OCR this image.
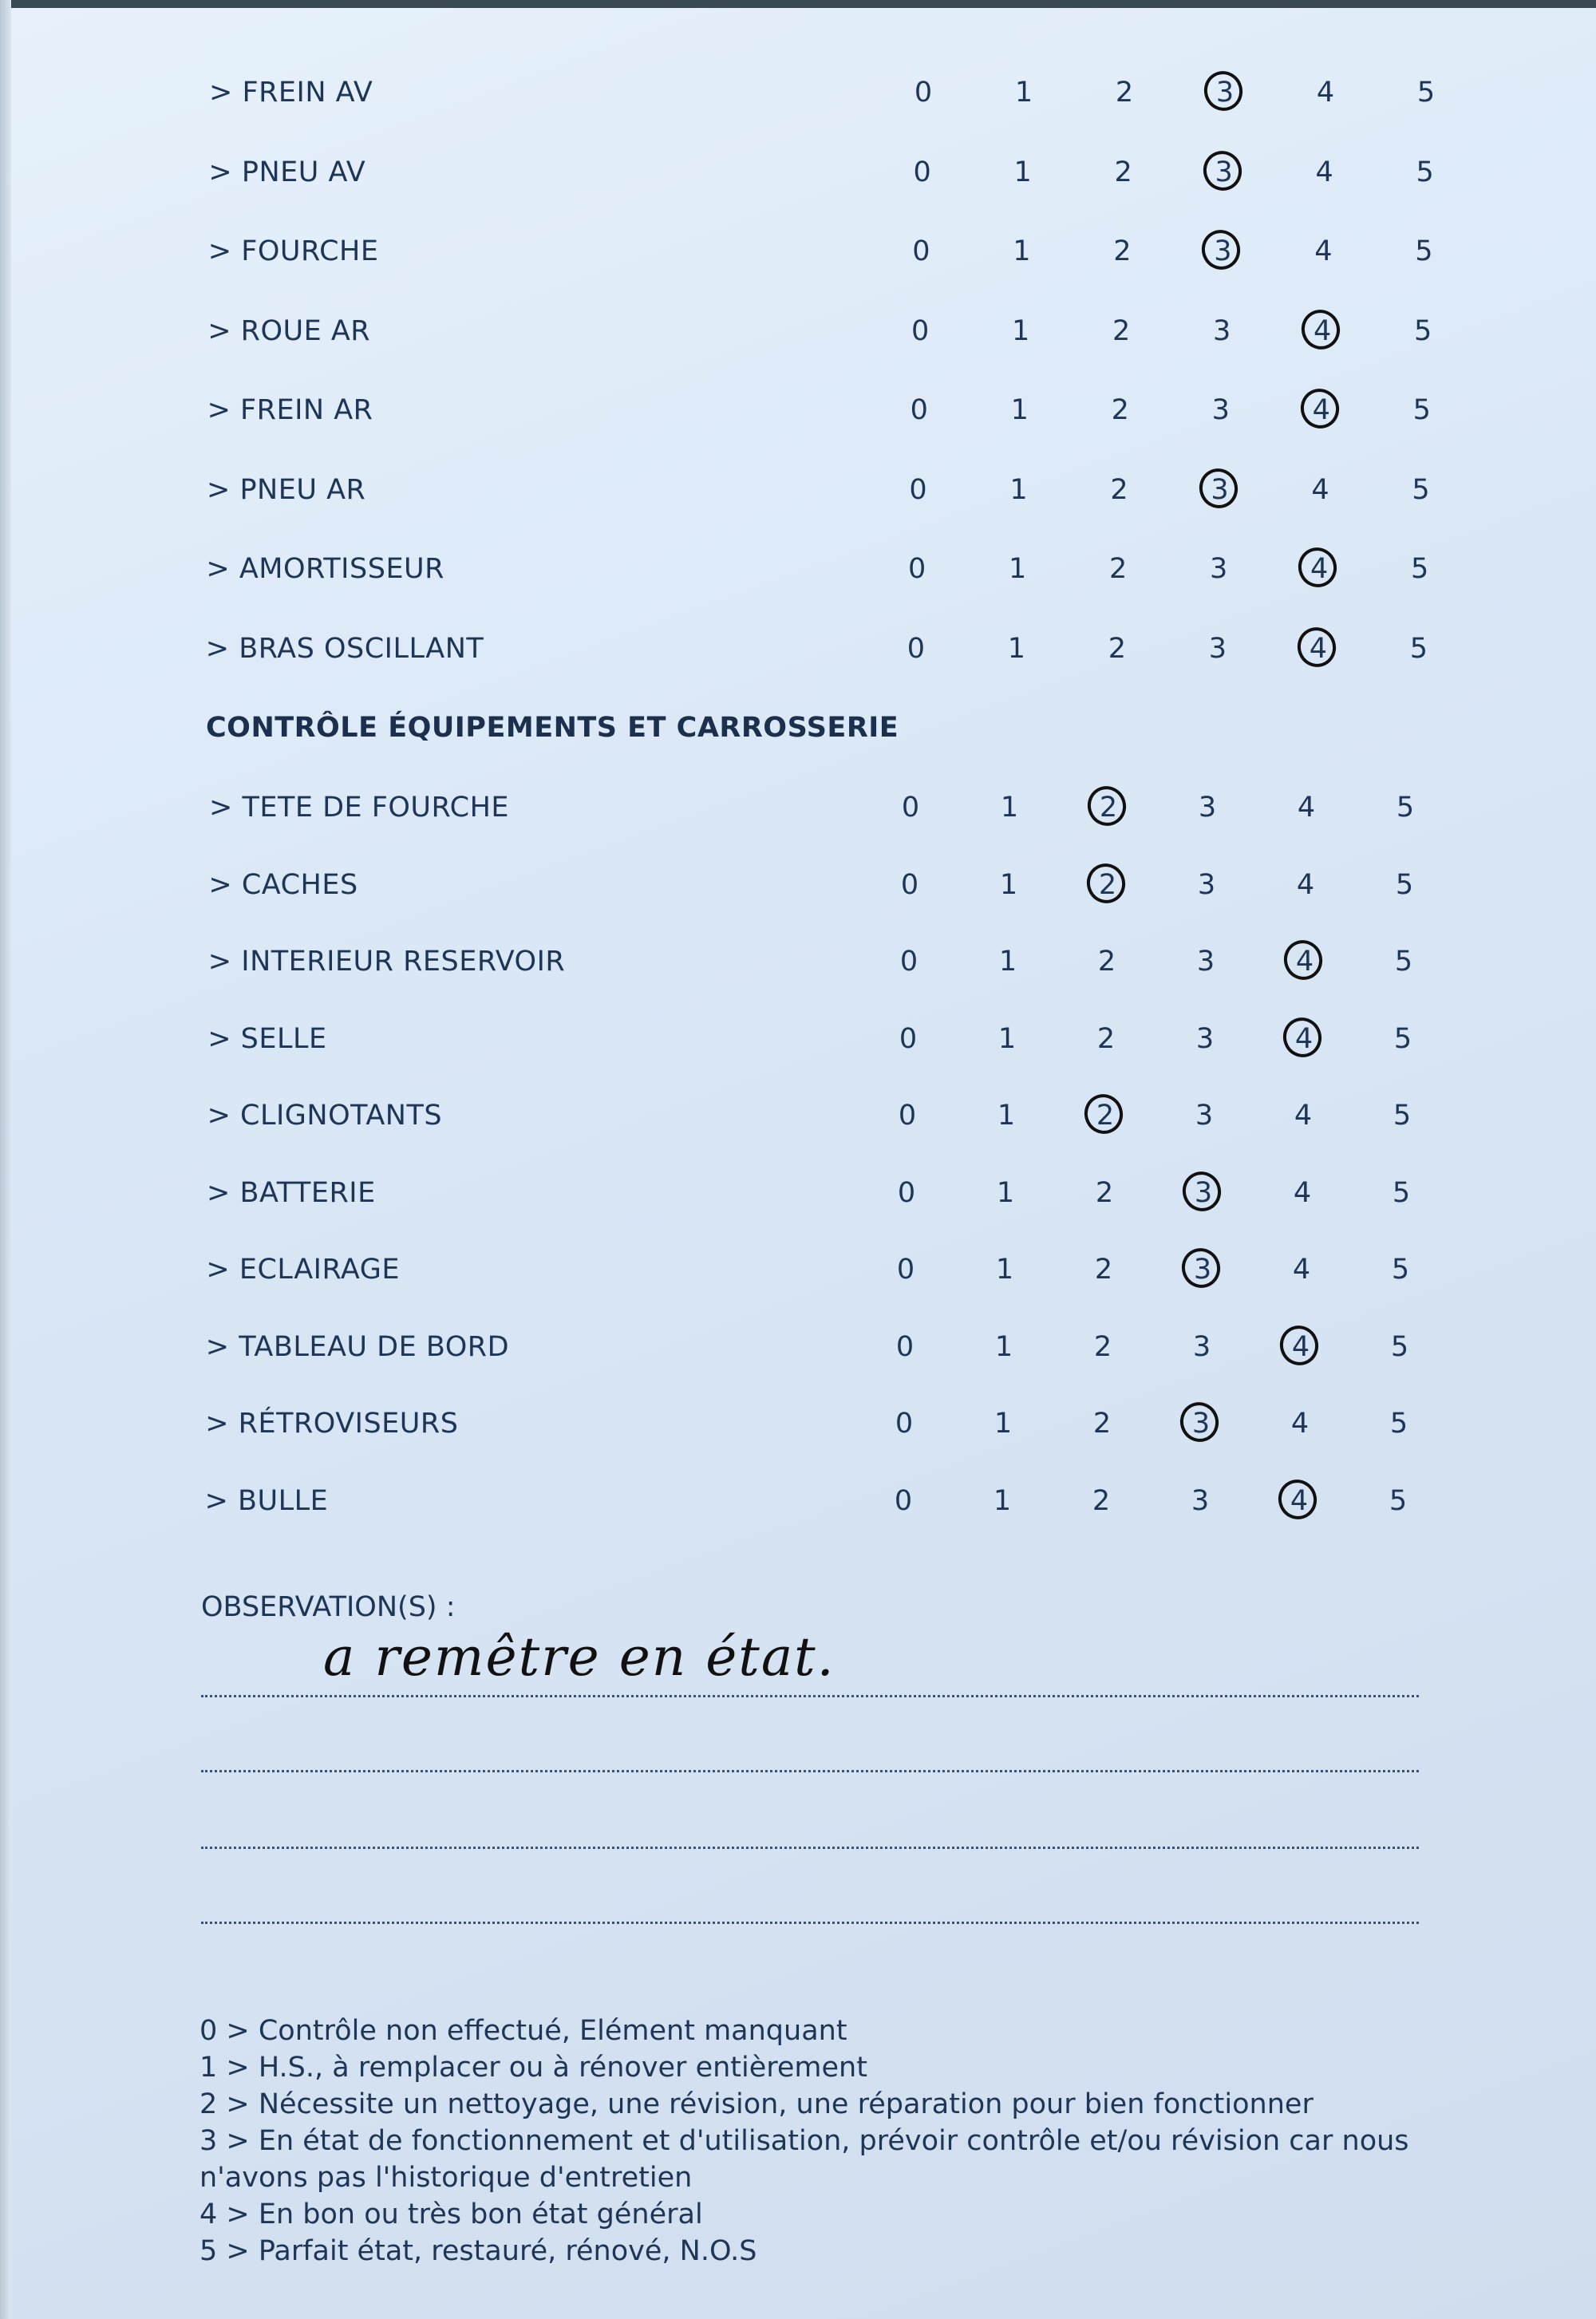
> FREIN AV	0	1	2	3	4	5
> PNEU AV	0	1	2	3	4	5
> FOURCHE	0	1	2	3	4	5
> ROUE AR	0	1	2	3	4	5
> FREIN AR	0	1	2	3	4	5
> PNEU AR	0	1	2	3	4	5
> AMORTISSEUR	0	1	2	3	4	5
> BRAS OSCILLANT	0	1	2	3	4	5
CONTRÔLE ÉQUIPEMENTS ET CARROSSERIE
> TETE DE FOURCHE	0	1	2	3	4	5
> CACHES	0	1	2	3	4	5
> INTERIEUR RESERVOIR	0	1	2	3	4	5
> SELLE	0	1	2	3	4	5
> CLIGNOTANTS	0	1	2	3	4	5
> BATTERIE	0	1	2	3	4	5
> ECLAIRAGE	0	1	2	3	4	5
> TABLEAU DE BORD	0	1	2	3	4	5
> RÉTROVISEURS	0	1	2	3	4	5
> BULLE	0	1	2	3	4	5
OBSERVATION(S) :
a remêtre en état.
0 > Contrôle non effectué, Elément manquant
1 > H.S., à remplacer ou à rénover entièrement
2 > Nécessite un nettoyage, une révision, une réparation pour bien fonctionner
3 > En état de fonctionnement et d'utilisation, prévoir contrôle et/ou révision car nous
n'avons pas l'historique d'entretien
4 > En bon ou très bon état général
5 > Parfait état, restauré, rénové, N.O.S
